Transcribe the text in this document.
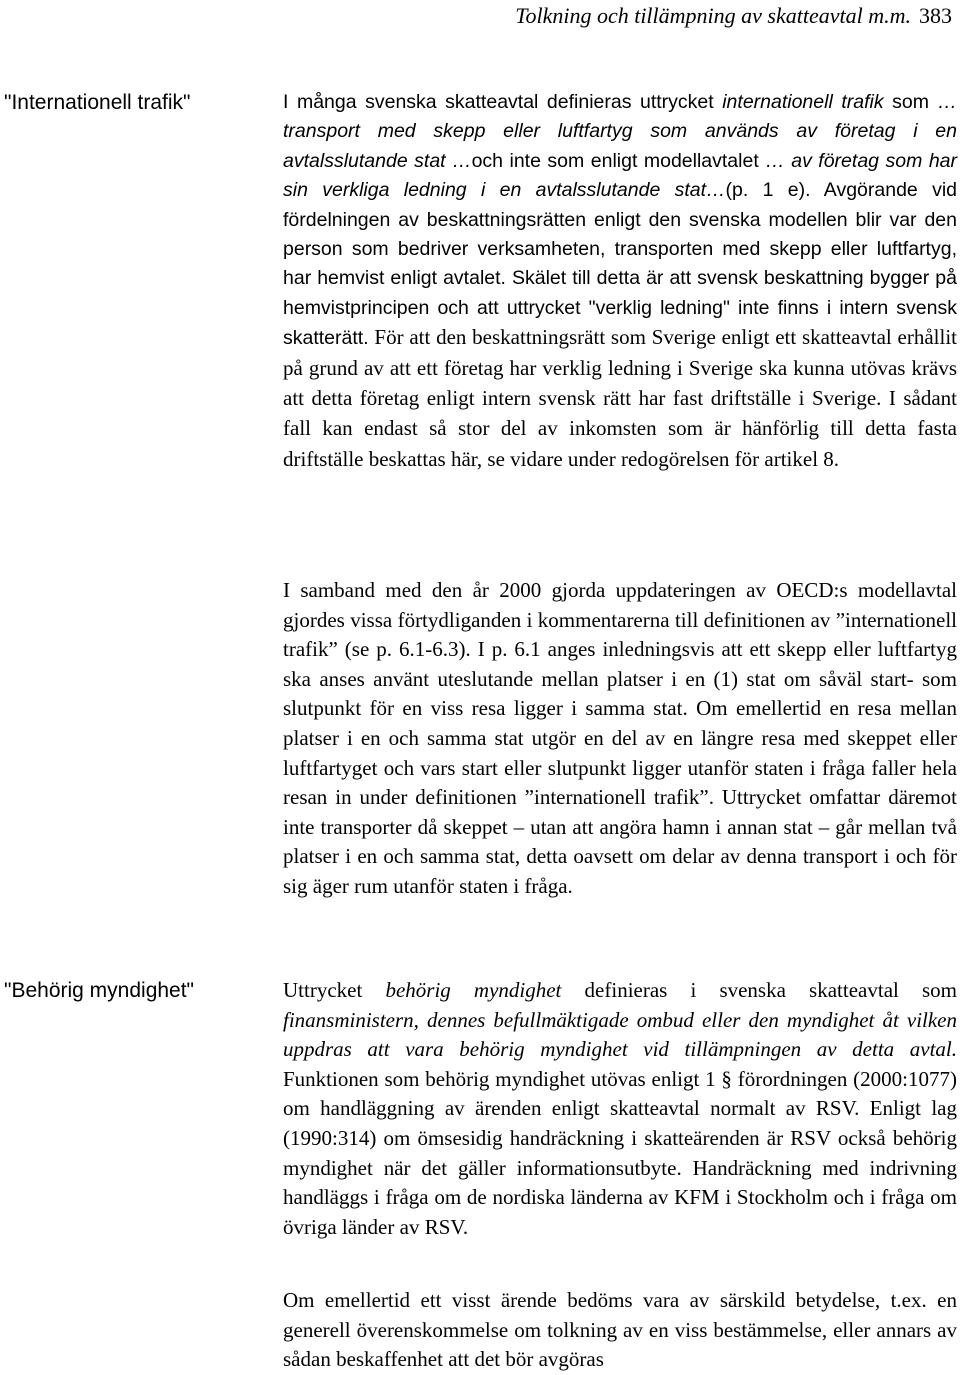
Tolkning och tillämpning av skatteavtal m.m. 383
"Internationell trafik"	I många svenska skatteavtal definieras uttrycket internationell trafik som … transport med skepp eller luftfartyg som används av företag i en avtalsslutande stat …och inte som enligt modellavtalet … av företag som har sin verkliga ledning i en avtalsslutande stat…(p. 1 e). Avgörande vid fördelningen av beskattningsrätten enligt den svenska modellen blir var den person som bedriver verksamheten, transporten med skepp eller luftfartyg, har hemvist enligt avtalet. Skälet till detta är att svensk beskattning bygger på hemvistprincipen och att uttrycket "verklig ledning" inte finns i intern svensk skatterätt. För att den beskattningsrätt som Sverige enligt ett skatteavtal erhållit på grund av att ett företag har verklig ledning i Sverige ska kunna utövas krävs att detta företag enligt intern svensk rätt har fast driftställe i Sverige. I sådant fall kan endast så stor del av inkomsten som är hänförlig till detta fasta driftställe beskattas här, se vidare under redogörelsen för artikel 8.

I samband med den år 2000 gjorda uppdateringen av OECD:s modellavtal gjordes vissa förtydliganden i kommentarerna till definitionen av ”internationell trafik” (se p. 6.1-6.3). I p. 6.1 anges inledningsvis att ett skepp eller luftfartyg ska anses använt uteslutande mellan platser i en (1) stat om såväl start- som slutpunkt för en viss resa ligger i samma stat. Om emellertid en resa mellan platser i en och samma stat utgör en del av en längre resa med skeppet eller luftfartyget och vars start eller slutpunkt ligger utanför staten i fråga faller hela resan in under definitionen ”internationell trafik”. Uttrycket omfattar däremot inte transporter då skeppet – utan att angöra hamn i annan stat – går mellan två platser i en och samma stat, detta oavsett om delar av denna transport i och för sig äger rum utanför staten i fråga.

"Behörig myndighet"	Uttrycket behörig myndighet definieras i svenska skatteavtal som finansministern, dennes befullmäktigade ombud eller den myndighet åt vilken uppdras att vara behörig myndighet vid tillämpningen av detta avtal. Funktionen som behörig myndighet utövas enligt 1 § förordningen (2000:1077) om handläggning av ärenden enligt skatteavtal normalt av RSV. Enligt lag (1990:314) om ömsesidig handräckning i skatteärenden är RSV också behörig myndighet när det gäller informationsutbyte. Handräckning med indrivning handläggs i fråga om de nordiska länderna av KFM i Stockholm och i fråga om övriga länder av RSV.

Om emellertid ett visst ärende bedöms vara av särskild betydelse, t.ex. en generell överenskommelse om tolkning av en viss bestämmelse, eller annars av sådan beskaffenhet att det bör avgöras
